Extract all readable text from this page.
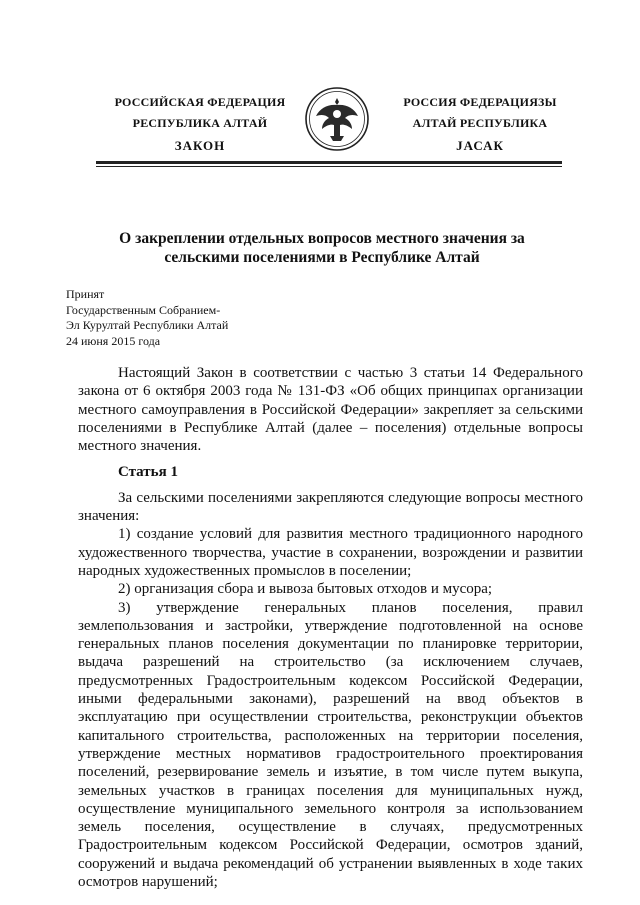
РОССИЙСКАЯ ФЕДЕРАЦИЯ
РЕСПУБЛИКА АЛТАЙ
ЗАКОН
РОССИЯ ФЕДЕРАЦИЯЗЫ
АЛТАЙ РЕСПУБЛИКА
JАСАК
О закреплении отдельных вопросов местного значения за сельскими поселениями в Республике Алтай
Принят
Государственным Собранием-
Эл Курултай Республики Алтай
24 июня 2015 года

Настоящий Закон в соответствии с частью 3 статьи 14 Федерального закона от 6 октября 2003 года № 131-ФЗ «Об общих принципах организации местного самоуправления в Российской Федерации» закрепляет за сельскими поселениями в Республике Алтай (далее – поселения) отдельные вопросы местного значения.

Статья 1

За сельскими поселениями закрепляются следующие вопросы местного значения:

1) создание условий для развития местного традиционного народного художественного творчества, участие в сохранении, возрождении и развитии народных художественных промыслов в поселении;

2) организация сбора и вывоза бытовых отходов и мусора;

3) утверждение генеральных планов поселения, правил землепользования и застройки, утверждение подготовленной на основе генеральных планов поселения документации по планировке территории, выдача разрешений на строительство (за исключением случаев, предусмотренных Градостроительным кодексом Российской Федерации, иными федеральными законами), разрешений на ввод объектов в эксплуатацию при осуществлении строительства, реконструкции объектов капитального строительства, расположенных на территории поселения, утверждение местных нормативов градостроительного проектирования поселений, резервирование земель и изъятие, в том числе путем выкупа, земельных участков в границах поселения для муниципальных нужд, осуществление муниципального земельного контроля за использованием земель поселения, осуществление в случаях, предусмотренных Градостроительным кодексом Российской Федерации, осмотров зданий, сооружений и выдача рекомендаций об устранении выявленных в ходе таких осмотров нарушений;
